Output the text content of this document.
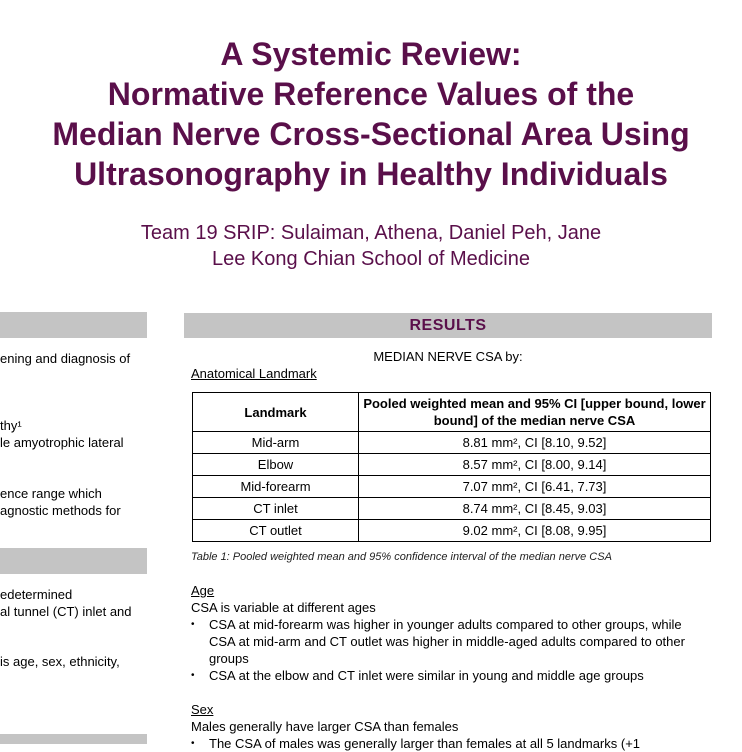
A Systemic Review:
Normative Reference Values of the
Median Nerve Cross-Sectional Area Using
Ultrasonography in Healthy Individuals
Team 19 SRIP: Sulaiman, Athena, Daniel Peh, Jane
Lee Kong Chian School of Medicine
ening and diagnosis of
thy¹
le amyotrophic lateral
ence range which
agnostic methods for
edetermined
al tunnel (CT) inlet and
is age, sex, ethnicity,
RESULTS
MEDIAN NERVE CSA by:
Anatomical Landmark
Landmark	Pooled weighted mean and 95% CI [upper bound, lower bound] of the median nerve CSA
Mid-arm	8.81 mm², CI [8.10, 9.52]
Elbow	8.57 mm², CI [8.00, 9.14]
Mid-forearm	7.07 mm², CI [6.41, 7.73]
CT inlet	8.74 mm², CI [8.45, 9.03]
CT outlet	9.02 mm², CI [8.08, 9.95]
Table 1: Pooled weighted mean and 95% confidence interval of the median nerve CSA
Age
CSA is variable at different ages
• CSA at mid-forearm was higher in younger adults compared to other groups, while CSA at mid-arm and CT outlet was higher in middle-aged adults compared to other groups
• CSA at the elbow and CT inlet were similar in young and middle age groups
Sex
Males generally have larger CSA than females
• The CSA of males was generally larger than females at all 5 landmarks (+1
